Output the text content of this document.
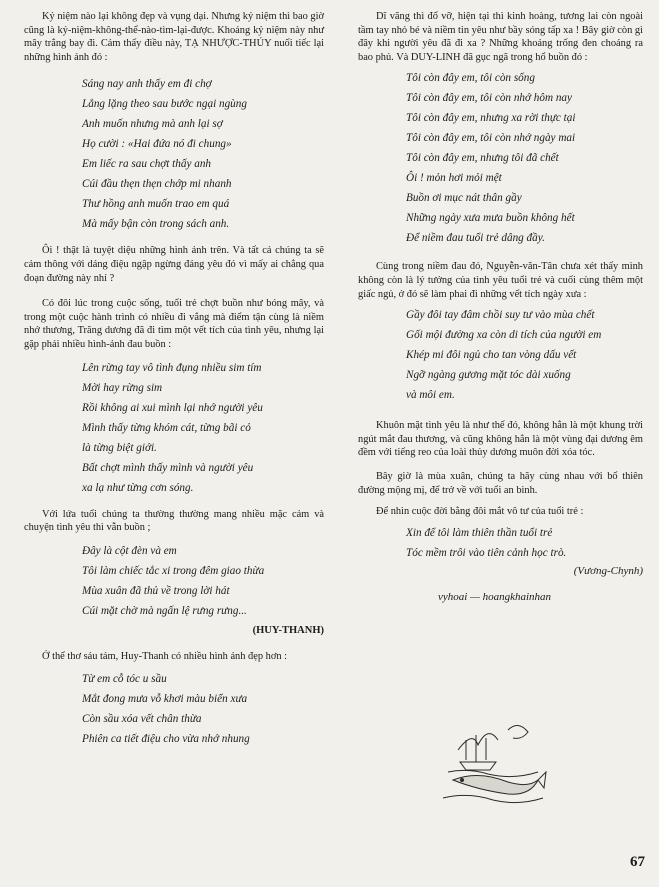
Kỷ niệm nào lại không đẹp và vụng dại. Nhưng kỷ niệm thì bao giờ cũng là kỷ-niệm-không-thể-nào-tìm-lại-được. Khoảng kỷ niệm này như mây trắng bay đi. Cảm thấy điều này, TẠ NHƯỢC-THỦY nuối tiếc lại những hình ảnh đó :

Sáng nay anh thấy em đi chợ
Lẳng lặng theo sau bước ngại ngùng
Anh muốn nhưng mà anh lại sợ
Họ cười : «Hai đứa nó đi chung»
Em liếc ra sau chợt thấy anh
Cúi đầu thẹn thẹn chớp mi nhanh
Thư hồng anh muốn trao em quá
Mà mấy bận còn trong sách anh.

Ôi ! thật là tuyệt diệu những hình ảnh trên. Và tất cả chúng ta sẽ cảm thông với dáng điệu ngập ngừng đáng yêu đó vì mấy ai chẳng qua đoạn đường này nhỉ ?

Có đôi lúc trong cuộc sống, tuổi trẻ chợt buồn như bóng mây, và trong một cuộc hành trình có nhiều đi vắng mà điểm tận cùng là niềm nhớ thương, Trăng dương đã đi tìm một vết tích của tình yêu, nhưng lại gặp phải nhiều hình-ảnh đau buồn :

Lên rừng tay vô tình đụng nhiều sim tím
Mời hay rừng sim
Rồi không ai xui mình lại nhớ người yêu
Mình thấy từng khóm cát, từng bãi cỏ
là từng biệt giới.
Bất chợt mình thấy mình và người yêu
xa lạ như từng cơn sóng.

Với lứa tuổi chúng ta thường thường mang nhiều mặc cảm và chuyện tình yêu thì vẫn buồn ;

Đây là cột đèn và em
Tôi làm chiếc tắc xi trong đêm giao thừa
Mùa xuân đã thủ về trong lời hát
Cúi mặt chờ mà ngấn lệ rưng rưng...

(HUY-THANH)

Ở thể thơ sáu tám, Huy-Thanh có nhiều hình ảnh đẹp hơn :

Từ em cỗ tóc u sầu
Mắt đong mưa vỗ khơi màu biển xưa
Còn sầu xóa vết chân thừa
Phiên ca tiết điệu cho vừa nhớ nhung

Dĩ vãng thì đổ vỡ, hiện tại thì kinh hoàng, tương lai còn ngoài tầm tay nhỏ bé và niềm tin yêu như bầy sóng tấp xa ! Bây giờ còn gì đây khi người yêu đã đi xa ? Những khoảng trống đen choáng ra bao phủ. Và DUY-LINH đã gục ngã trong hổ buồn đó :

Tôi còn đây em, tôi còn sống
Tôi còn đây em, tôi còn nhớ hôm nay
Tôi còn đây em, nhưng xa rời thực tại
Tôi còn đây em, tôi còn nhớ ngày mai
Tôi còn đây em, nhưng tôi đã chết
Ôi ! mỏn hơi mỏi mệt
Buồn ơi mục nát thân gầy
Những ngày xưa mưa buồn không hết
Để niềm đau tuổi trẻ dâng đầy.

Cùng trong niềm đau đó, Nguyễn-văn-Tân chưa xét thấy mình không còn là lý tưởng của tình yêu tuổi trẻ và cuối cùng thêm một giấc ngủ, ở đó sẽ làm phai đi những vết tích ngày xưa :

Gầy đôi tay đâm chồi suy tư vào mùa chết
Gối mội đường xa còn di tích của người em
Khép mi đôi ngủ cho tan vòng dấu vết
Ngỡ ngàng gương mặt tóc dài xuống
và môi em.

Khuôn mặt tình yêu là như thế đó, không hẳn là một khung trời ngút mắt đau thương, và cũng không hẳn là một vùng đại dương êm đềm với tiếng reo của loài thủy dương muôn đời xóa tóc.

Bây giờ là mùa xuân, chúng ta hãy cùng nhau với bố thiên đường mộng mị, để trở về với tuổi an bình.

Để nhìn cuộc đời bằng đôi mắt vô tư của tuổi trẻ :

Xin để tôi làm thiên thần tuổi trẻ
Tóc mềm trôi vào tiên cảnh học trò.

(Vương-Chynh)

vyhoai — hoangkhainhan

67
